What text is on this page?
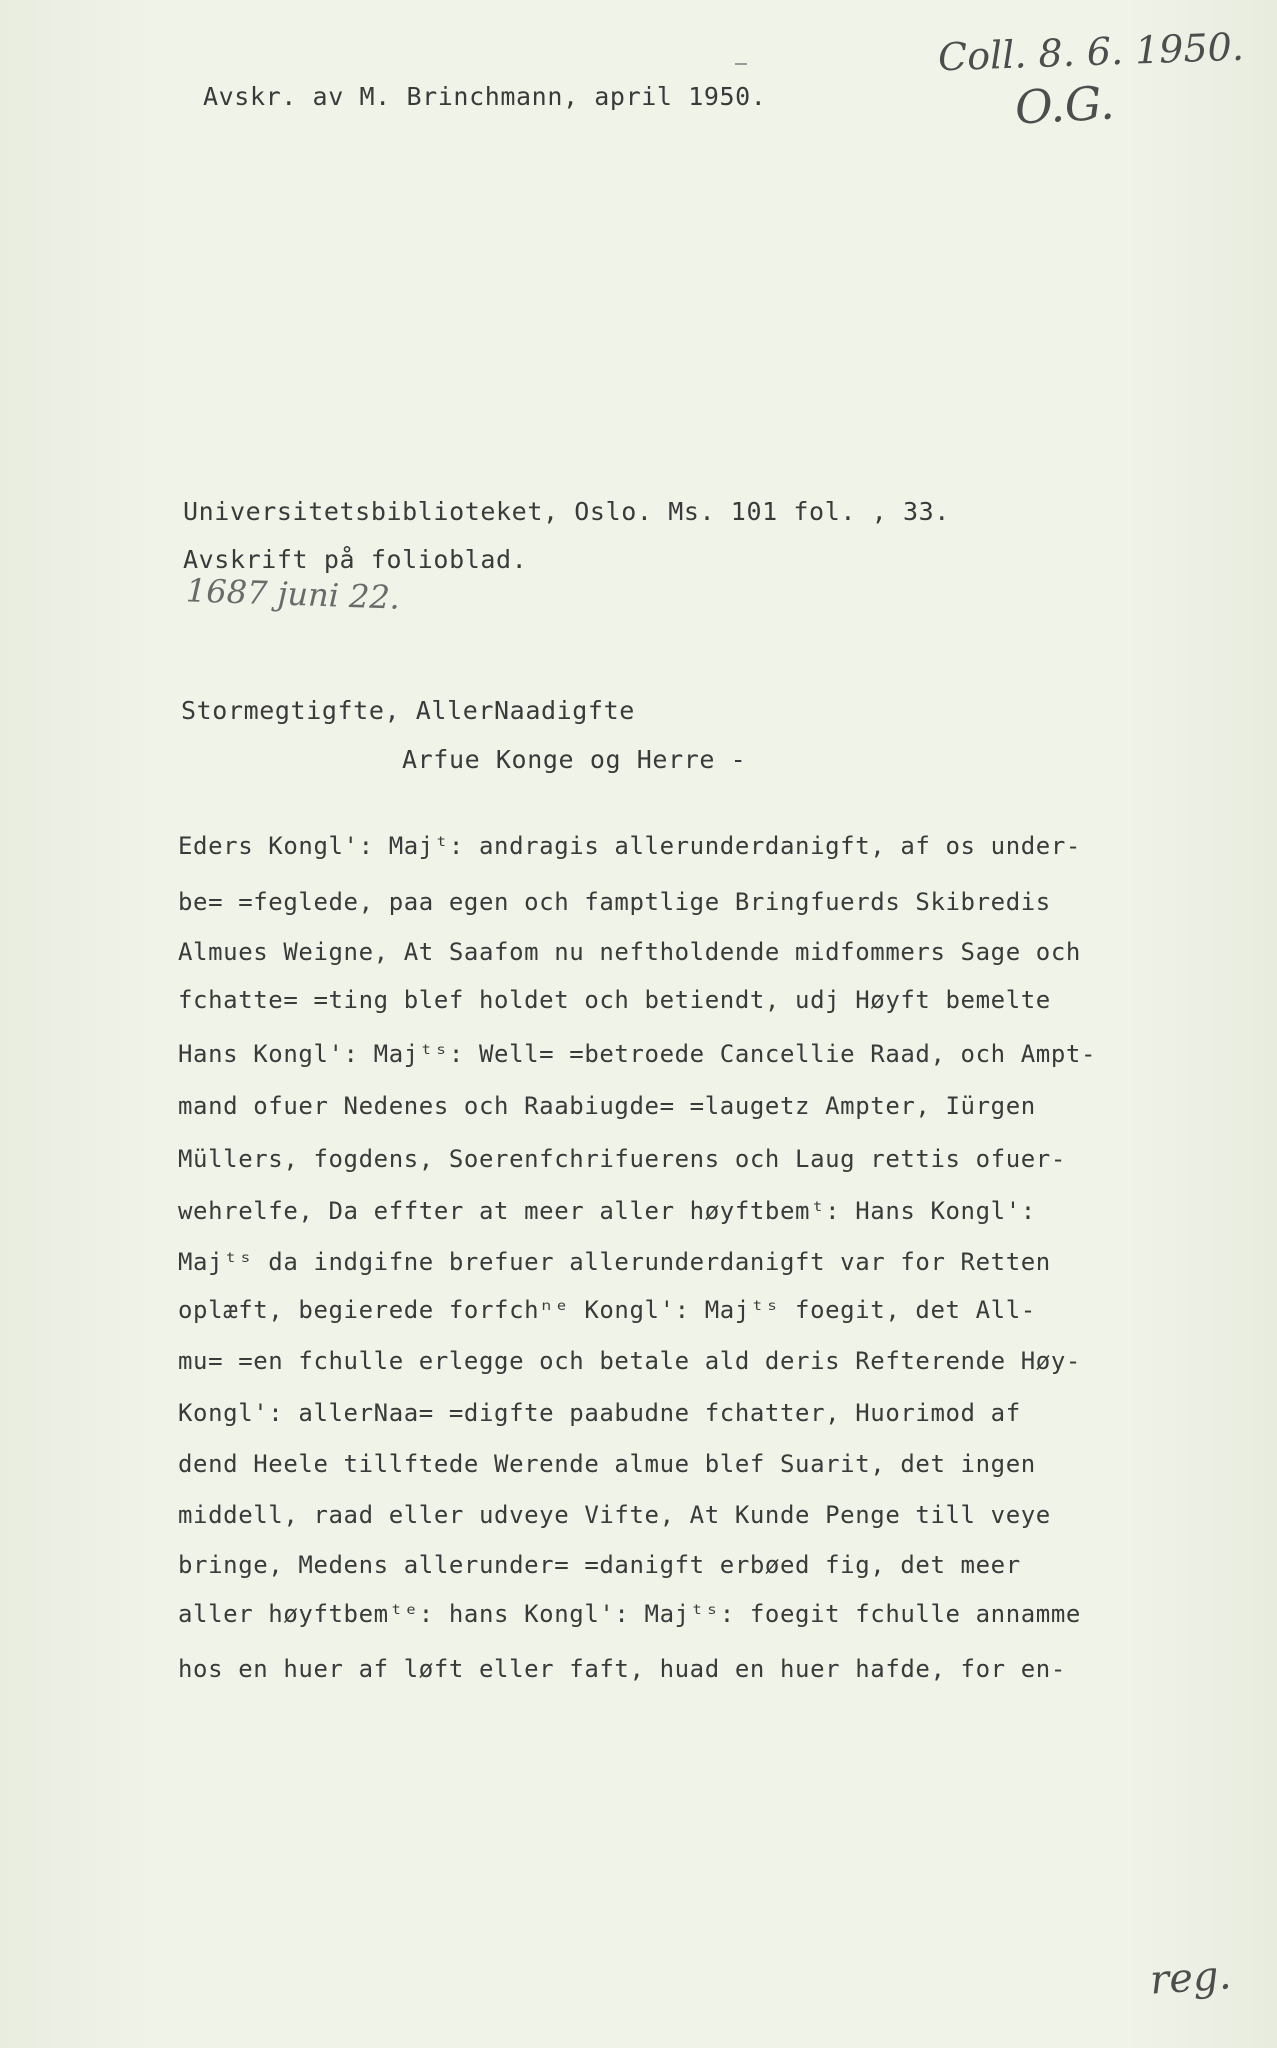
Avskr. av M. Brinchmann, april 1950.
Coll. 8. 6. 1950.
O.G.
Universitetsbiblioteket, Oslo. Ms. 101 fol. , 33.
Avskrift på folioblad.
1687 juni 22.
Stormegtigfte, AllerNaadigfte
Arfue Konge og Herre -
Eders Kongl': Majᵗ: andragis allerunderdanigft, af os under-
be= =feglede, paa egen och famptlige Bringfuerds Skibredis
Almues Weigne, At Saafom nu neftholdende midfommers Sage och
fchatte= =ting blef holdet och betiendt, udj Høyft bemelte
Hans Kongl': Majᵗˢ: Well= =betroede Cancellie Raad, och Ampt-
mand ofuer Nedenes och Raabiugde= =laugetz Ampter, Iürgen
Müllers, fogdens, Soerenfchrifuerens och Laug rettis ofuer-
wehrelfe, Da effter at meer aller høyftbemᵗ: Hans Kongl':
Majᵗˢ da indgifne brefuer allerunderdanigft var for Retten
oplæft, begierede forfchⁿᵉ Kongl': Majᵗˢ foegit, det All-
mu= =en fchulle erlegge och betale ald deris Refterende Høy-
Kongl': allerNaa= =digfte paabudne fchatter, Huorimod af
dend Heele tillftede Werende almue blef Suarit, det ingen
middell, raad eller udveye Vifte, At Kunde Penge till veye
bringe, Medens allerunder= =danigft erbøed fig, det meer
aller høyftbemᵗᵉ: hans Kongl': Majᵗˢ: foegit fchulle annamme
hos en huer af løft eller faft, huad en huer hafde, for en-
reg.
